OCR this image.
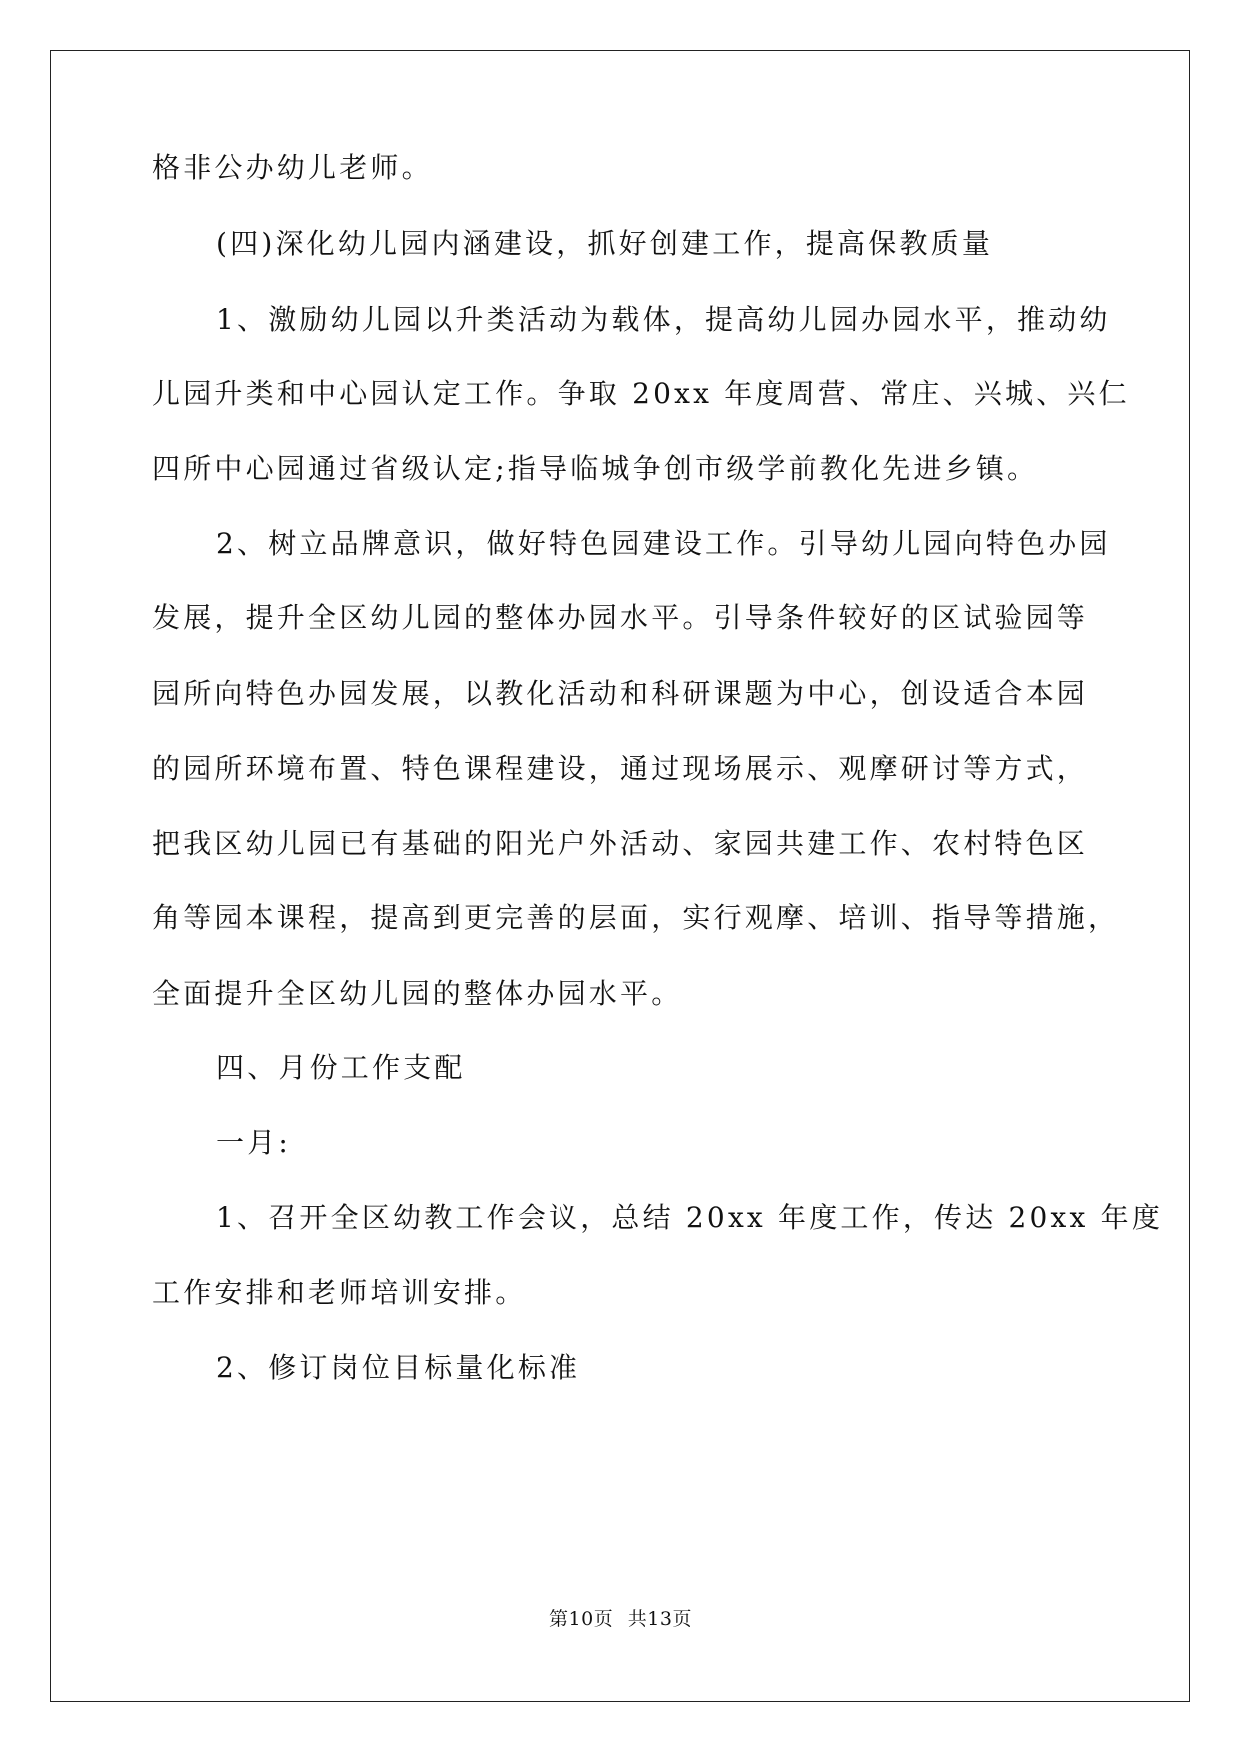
格非公办幼儿老师。
(四)深化幼儿园内涵建设，抓好创建工作，提高保教质量
1、激励幼儿园以升类活动为载体，提高幼儿园办园水平，推动幼
儿园升类和中心园认定工作。争取 20xx 年度周营、常庄、兴城、兴仁
四所中心园通过省级认定;指导临城争创市级学前教化先进乡镇。
2、树立品牌意识，做好特色园建设工作。引导幼儿园向特色办园
发展，提升全区幼儿园的整体办园水平。引导条件较好的区试验园等
园所向特色办园发展，以教化活动和科研课题为中心，创设适合本园
的园所环境布置、特色课程建设，通过现场展示、观摩研讨等方式，
把我区幼儿园已有基础的阳光户外活动、家园共建工作、农村特色区
角等园本课程，提高到更完善的层面，实行观摩、培训、指导等措施，
全面提升全区幼儿园的整体办园水平。
四、月份工作支配
一月:
1、召开全区幼教工作会议，总结 20xx 年度工作，传达 20xx 年度
工作安排和老师培训安排。
2、修订岗位目标量化标准
第10页 共13页
